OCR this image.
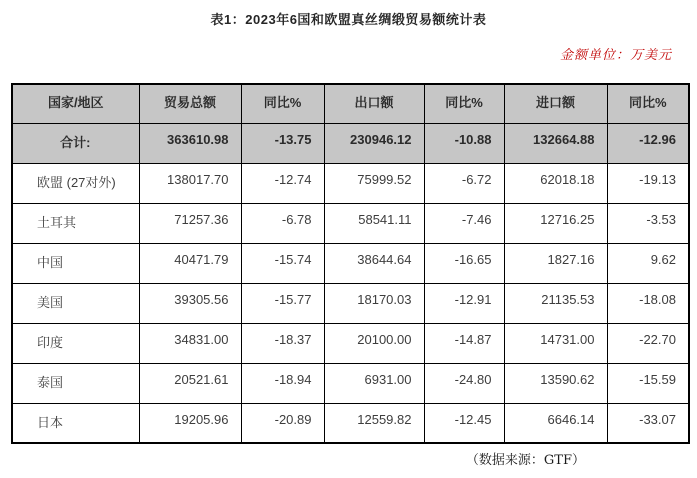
表1：2023年6国和欧盟真丝绸缎贸易额统计表
金额单位：万美元
国家/地区	贸易总额	同比%	出口额	同比%	进口额	同比%
合计:	363610.98	-13.75	230946.12	-10.88	132664.88	-12.96
欧盟 (27对外)	138017.70	-12.74	75999.52	-6.72	62018.18	-19.13
土耳其	71257.36	-6.78	58541.11	-7.46	12716.25	-3.53
中国	40471.79	-15.74	38644.64	-16.65	1827.16	9.62
美国	39305.56	-15.77	18170.03	-12.91	21135.53	-18.08
印度	34831.00	-18.37	20100.00	-14.87	14731.00	-22.70
泰国	20521.61	-18.94	6931.00	-24.80	13590.62	-15.59
日本	19205.96	-20.89	12559.82	-12.45	6646.14	-33.07
（数据来源：GTF）
